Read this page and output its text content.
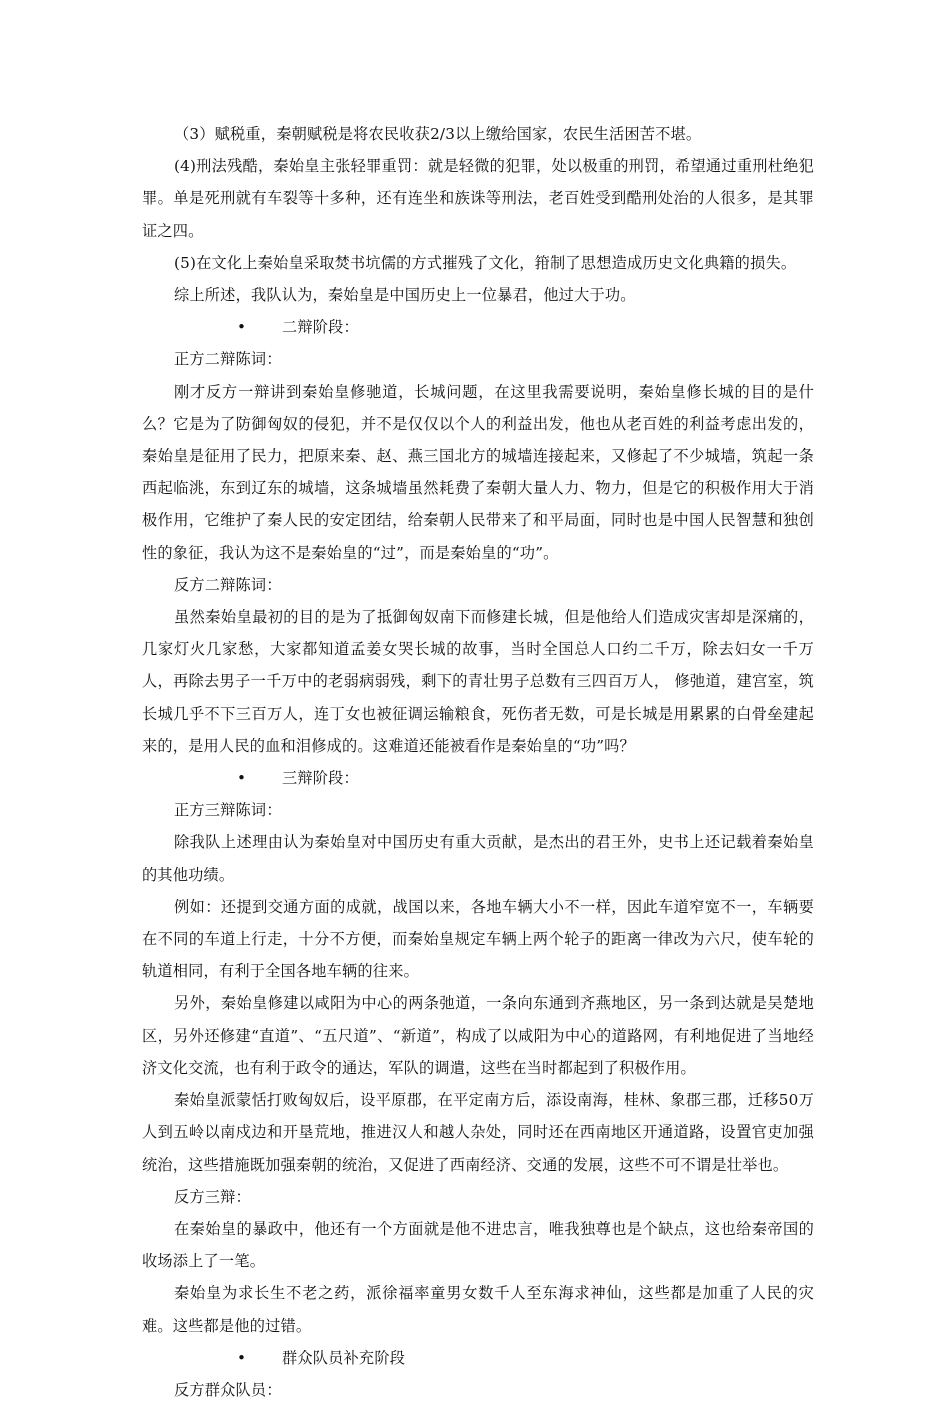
（3）赋税重，秦朝赋税是将农民收获2/3以上缴给国家，农民生活困苦不堪。

(4)刑法残酷，秦始皇主张轻罪重罚：就是轻微的犯罪，处以极重的刑罚，希望通过重刑杜绝犯罪。单是死刑就有车裂等十多种，还有连坐和族诛等刑法，老百姓受到酷刑处治的人很多，是其罪证之四。

(5)在文化上秦始皇采取焚书坑儒的方式摧残了文化，箝制了思想造成历史文化典籍的损失。

综上所述，我队认为，秦始皇是中国历史上一位暴君，他过大于功。

•	二辩阶段：

正方二辩陈词：

刚才反方一辩讲到秦始皇修驰道，长城问题，在这里我需要说明，秦始皇修长城的目的是什么？它是为了防御匈奴的侵犯，并不是仅仅以个人的利益出发，他也从老百姓的利益考虑出发的，秦始皇是征用了民力，把原来秦、赵、燕三国北方的城墙连接起来，又修起了不少城墙，筑起一条西起临洮，东到辽东的城墙，这条城墙虽然耗费了秦朝大量人力、物力，但是它的积极作用大于消极作用，它维护了秦人民的安定团结，给秦朝人民带来了和平局面，同时也是中国人民智慧和独创性的象征，我认为这不是秦始皇的“过”，而是秦始皇的“功”。

反方二辩陈词：

虽然秦始皇最初的目的是为了抵御匈奴南下而修建长城，但是他给人们造成灾害却是深痛的，几家灯火几家愁，大家都知道孟姜女哭长城的故事，当时全国总人口约二千万，除去妇女一千万人，再除去男子一千万中的老弱病弱残，剩下的青壮男子总数有三四百万人， 修弛道，建宫室，筑长城几乎不下三百万人，连丁女也被征调运输粮食，死伤者无数，可是长城是用累累的白骨垒建起来的，是用人民的血和泪修成的。这难道还能被看作是秦始皇的“功”吗？

•	三辩阶段：

正方三辩陈词：

除我队上述理由认为秦始皇对中国历史有重大贡献，是杰出的君王外，史书上还记载着秦始皇的其他功绩。

例如：还提到交通方面的成就，战国以来，各地车辆大小不一样，因此车道窄宽不一，车辆要在不同的车道上行走，十分不方便，而秦始皇规定车辆上两个轮子的距离一律改为六尺，使车轮的轨道相同，有利于全国各地车辆的往来。

另外，秦始皇修建以咸阳为中心的两条弛道，一条向东通到齐燕地区，另一条到达就是吴楚地区，另外还修建“直道”、“五尺道”、“新道”，构成了以咸阳为中心的道路网，有利地促进了当地经济文化交流，也有利于政令的通达，军队的调遣，这些在当时都起到了积极作用。

秦始皇派蒙恬打败匈奴后，设平原郡，在平定南方后，添设南海，桂林、象郡三郡，迁移50万人到五岭以南戍边和开垦荒地，推进汉人和越人杂处，同时还在西南地区开通道路，设置官吏加强统治，这些措施既加强秦朝的统治，又促进了西南经济、交通的发展，这些不可不谓是壮举也。

反方三辩：

在秦始皇的暴政中，他还有一个方面就是他不进忠言，唯我独尊也是个缺点，这也给秦帝国的收场添上了一笔。

秦始皇为求长生不老之药，派徐福率童男女数千人至东海求神仙，这些都是加重了人民的灾难。这些都是他的过错。

•	群众队员补充阶段

反方群众队员：
